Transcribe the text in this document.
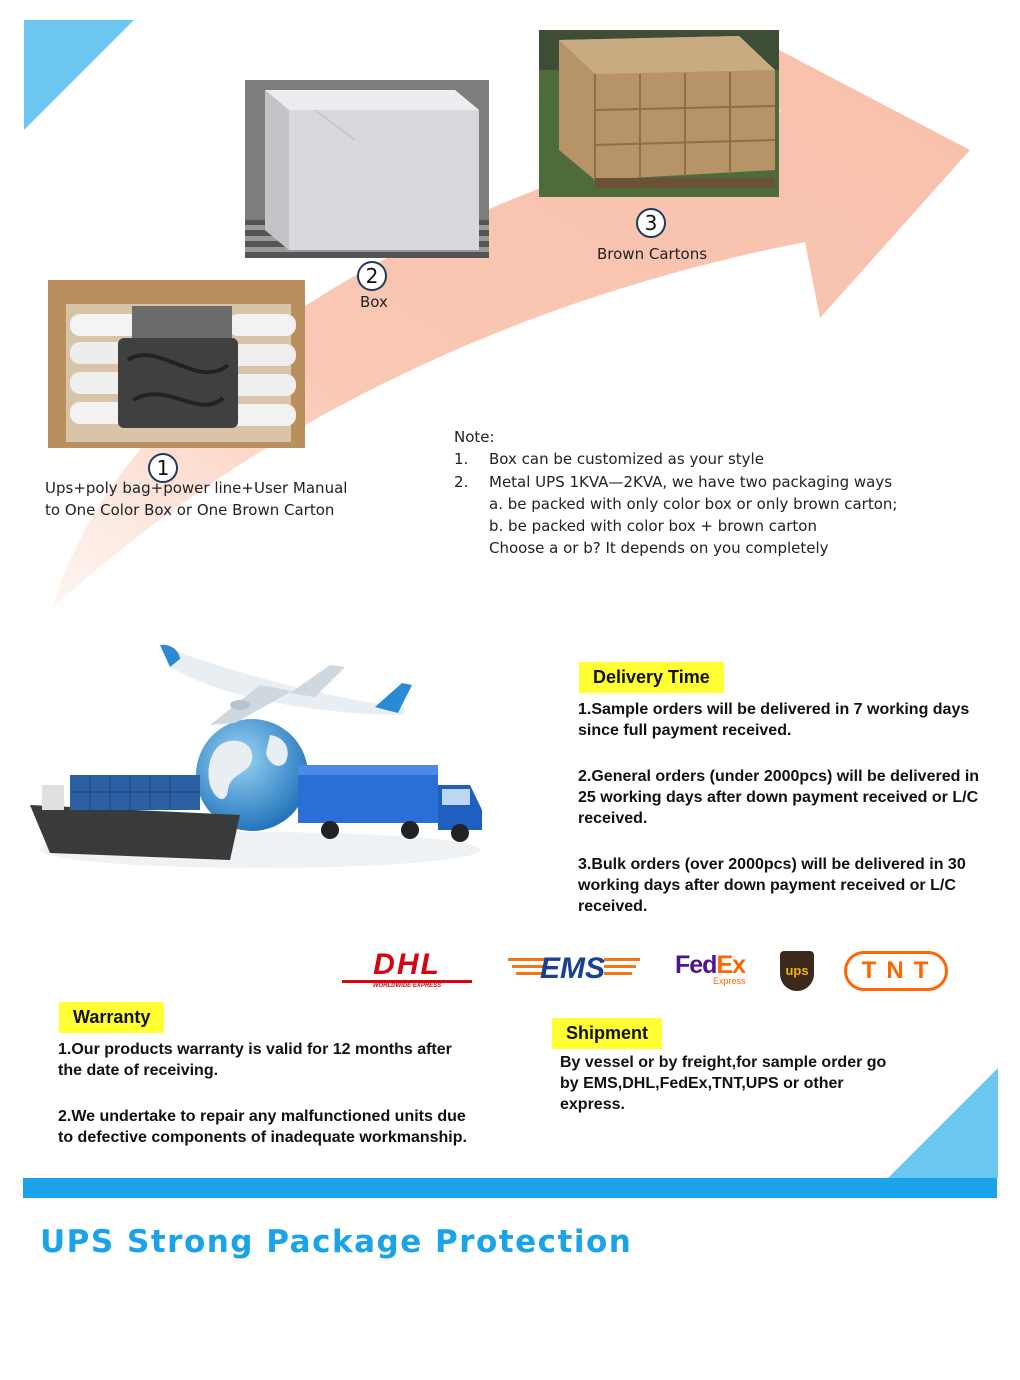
1
2
3
Ups+poly bag+power line+User Manual
to One Color Box or One Brown Carton
Box
Brown Cartons
Note:
1.	Box can be customized as your style
2.	Metal UPS 1KVA—2KVA, we have two packaging ways
a. be packed with only color box or only brown carton;
b. be packed with color box + brown carton
Choose a or b? It depends on you completely
Delivery Time
1.Sample orders will be delivered in 7 working days since full payment received.
2.General orders (under 2000pcs) will be delivered in 25 working days after down payment received or L/C received.
3.Bulk orders (over 2000pcs) will be delivered in 30 working days after down payment received or L/C received.
DHL
WORLDWIDE EXPRESS
EMS	FedEx
Express
ups	TNT
Warranty
1.Our products warranty is valid for 12 months after the date of receiving.
2.We undertake to repair any malfunctioned units due to defective components of inadequate workmanship.
Shipment
By vessel or by freight,for sample order go by EMS,DHL,FedEx,TNT,UPS or other express.
UPS Strong Package Protection
